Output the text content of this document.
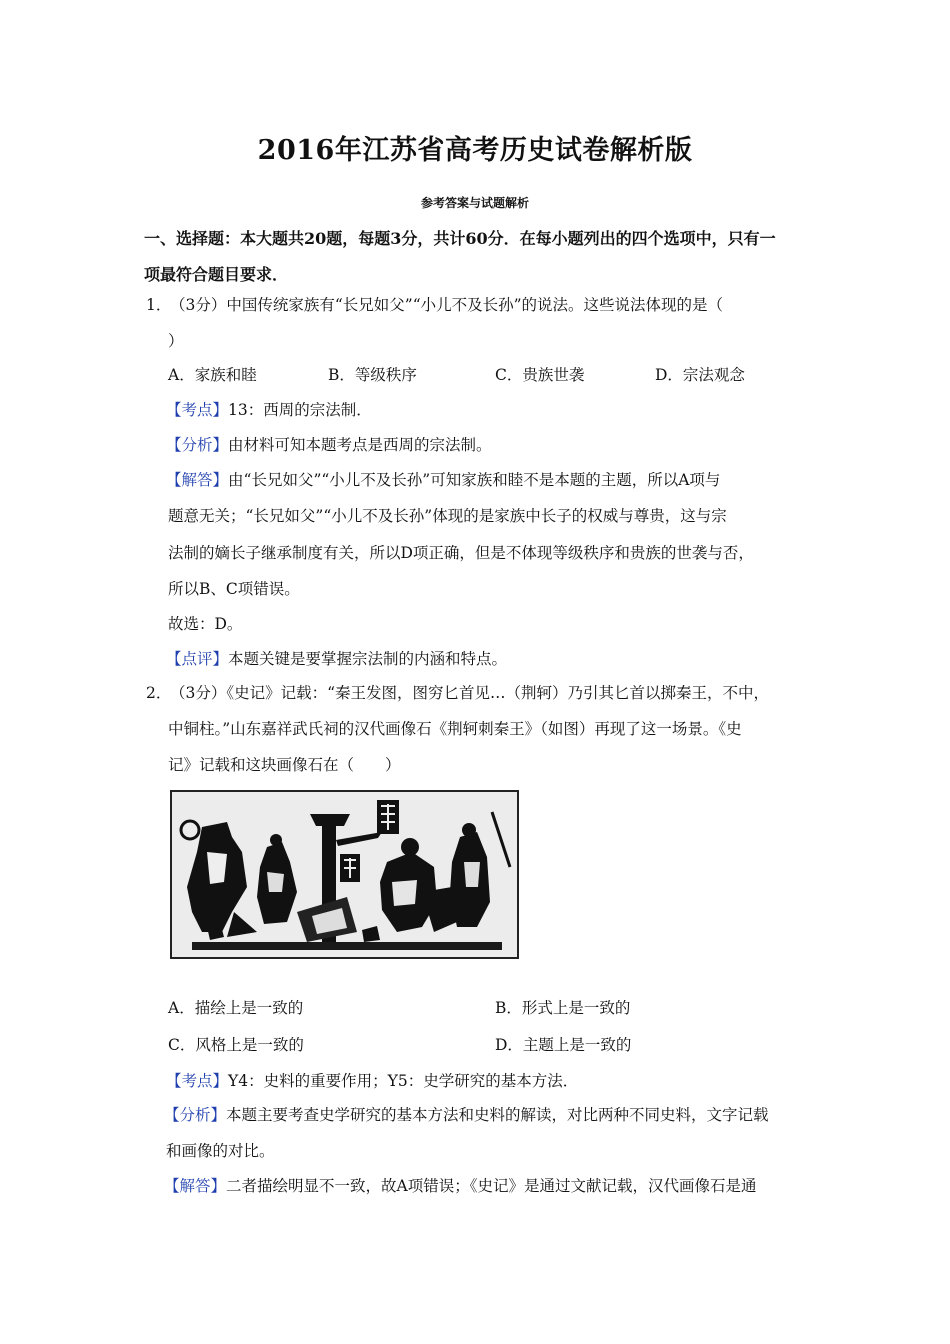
2016年江苏省高考历史试卷解析版
参考答案与试题解析
一、选择题：本大题共20题，每题3分，共计60分．在每小题列出的四个选项中，只有一
项最符合题目要求．
1．
（3分）中国传统家族有“长兄如父”“小儿不及长孙”的说法。这些说法体现的是（
）
A．家族和睦	B．等级秩序	C．贵族世袭	D．宗法观念
【考点】13：西周的宗法制．
【分析】由材料可知本题考点是西周的宗法制。
【解答】由“长兄如父”“小儿不及长孙”可知家族和睦不是本题的主题，所以A项与
题意无关；“长兄如父”“小儿不及长孙”体现的是家族中长子的权威与尊贵，这与宗
法制的嫡长子继承制度有关，所以D项正确，但是不体现等级秩序和贵族的世袭与否，
所以B、C项错误。
故选：D。
【点评】本题关键是要掌握宗法制的内涵和特点。
2．
（3分）《史记》记载：“秦王发图，图穷匕首见…（荆轲）乃引其匕首以掷秦王，不中，
中铜柱。”山东嘉祥武氏祠的汉代画像石《荆轲刺秦王》（如图）再现了这一场景。《史
记》记载和这块画像石在（　　）
A．描绘上是一致的	B．形式上是一致的
C．风格上是一致的	D．主题上是一致的
【考点】Y4：史料的重要作用；Y5：史学研究的基本方法．
【分析】本题主要考查史学研究的基本方法和史料的解读，对比两种不同史料，文字记载
和画像的对比。
【解答】二者描绘明显不一致，故A项错误；《史记》是通过文献记载，汉代画像石是通
